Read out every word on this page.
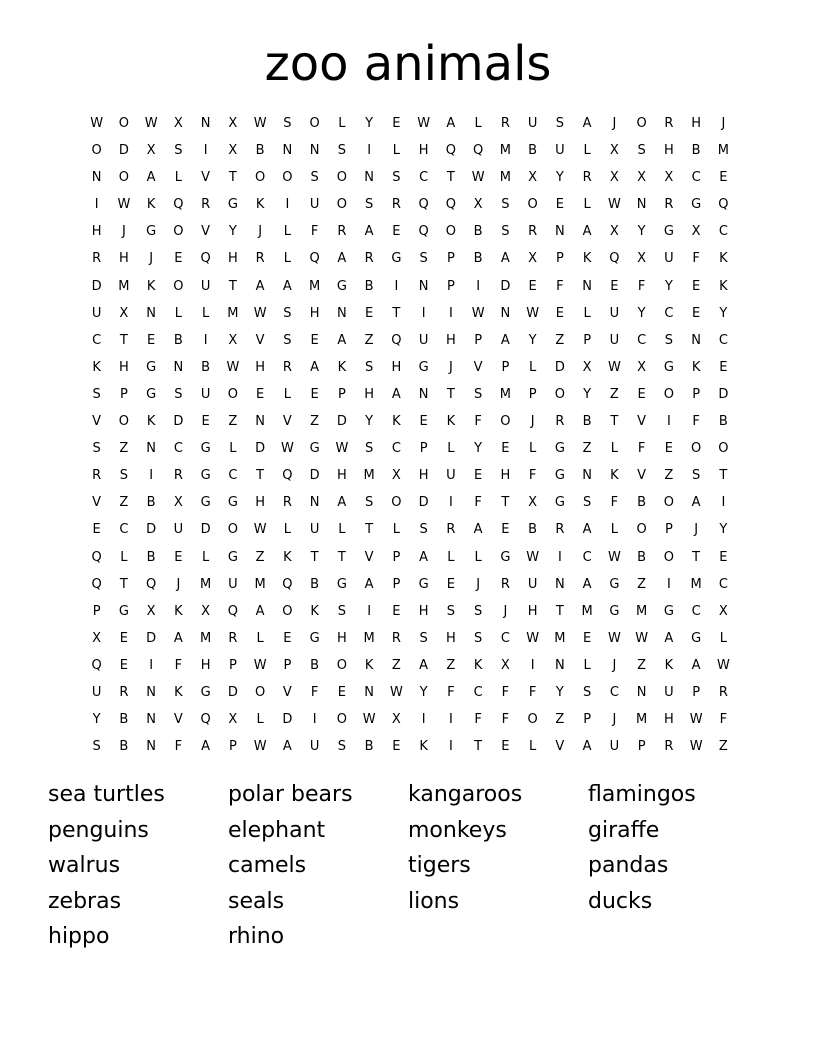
zoo animals
W	O	W	X	N	X	W	S	O	L	Y	E	W	A	L	R	U	S	A	J	O	R	H	J
O	D	X	S	I	X	B	N	N	S	I	L	H	Q	Q	M	B	U	L	X	S	H	B	M
N	O	A	L	V	T	O	O	S	O	N	S	C	T	W	M	X	Y	R	X	X	X	C	E
I	W	K	Q	R	G	K	I	U	O	S	R	Q	Q	X	S	O	E	L	W	N	R	G	Q
H	J	G	O	V	Y	J	L	F	R	A	E	Q	O	B	S	R	N	A	X	Y	G	X	C
R	H	J	E	Q	H	R	L	Q	A	R	G	S	P	B	A	X	P	K	Q	X	U	F	K
D	M	K	O	U	T	A	A	M	G	B	I	N	P	I	D	E	F	N	E	F	Y	E	K
U	X	N	L	L	M	W	S	H	N	E	T	I	I	W	N	W	E	L	U	Y	C	E	Y
C	T	E	B	I	X	V	S	E	A	Z	Q	U	H	P	A	Y	Z	P	U	C	S	N	C
K	H	G	N	B	W	H	R	A	K	S	H	G	J	V	P	L	D	X	W	X	G	K	E
S	P	G	S	U	O	E	L	E	P	H	A	N	T	S	M	P	O	Y	Z	E	O	P	D
V	O	K	D	E	Z	N	V	Z	D	Y	K	E	K	F	O	J	R	B	T	V	I	F	B
S	Z	N	C	G	L	D	W	G	W	S	C	P	L	Y	E	L	G	Z	L	F	E	O	O
R	S	I	R	G	C	T	Q	D	H	M	X	H	U	E	H	F	G	N	K	V	Z	S	T
V	Z	B	X	G	G	H	R	N	A	S	O	D	I	F	T	X	G	S	F	B	O	A	I
E	C	D	U	D	O	W	L	U	L	T	L	S	R	A	E	B	R	A	L	O	P	J	Y
Q	L	B	E	L	G	Z	K	T	T	V	P	A	L	L	G	W	I	C	W	B	O	T	E
Q	T	Q	J	M	U	M	Q	B	G	A	P	G	E	J	R	U	N	A	G	Z	I	M	C
P	G	X	K	X	Q	A	O	K	S	I	E	H	S	S	J	H	T	M	G	M	G	C	X
X	E	D	A	M	R	L	E	G	H	M	R	S	H	S	C	W	M	E	W	W	A	G	L
Q	E	I	F	H	P	W	P	B	O	K	Z	A	Z	K	X	I	N	L	J	Z	K	A	W
U	R	N	K	G	D	O	V	F	E	N	W	Y	F	C	F	F	Y	S	C	N	U	P	R
Y	B	N	V	Q	X	L	D	I	O	W	X	I	I	F	F	O	Z	P	J	M	H	W	F
S	B	N	F	A	P	W	A	U	S	B	E	K	I	T	E	L	V	A	U	P	R	W	Z
sea turtles	polar bears	kangaroos	flamingos
penguins	elephant	monkeys	giraffe
walrus	camels	tigers	pandas
zebras	seals	lions	ducks
hippo	rhino
